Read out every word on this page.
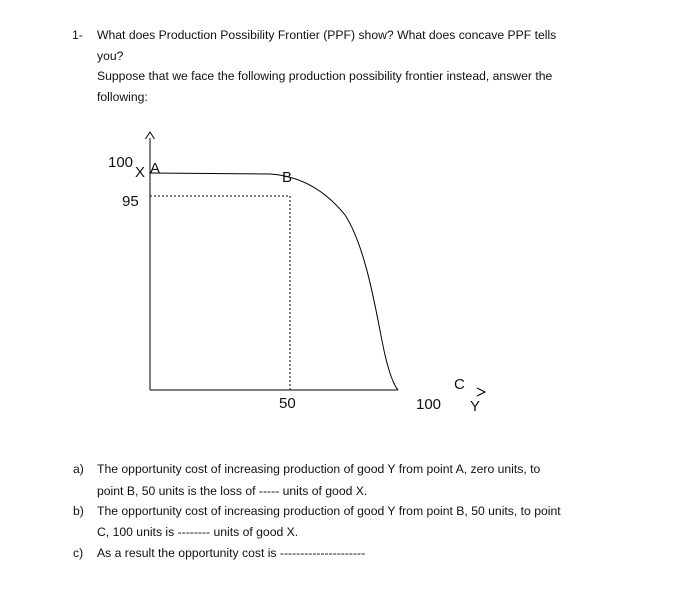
1- What does Production Possibility Frontier (PPF) show? What does concave PPF tells
you?
Suppose that we face the following production possibility frontier instead, answer the
following:
100
X A
B
95
50	100
C
Y
a) The opportunity cost of increasing production of good Y from point A, zero units, to
point B, 50 units is the loss of ----- units of good X.
b) The opportunity cost of increasing production of good Y from point B, 50 units, to point
C, 100 units is -------- units of good X.
c) As a result the opportunity cost is ---------------------
